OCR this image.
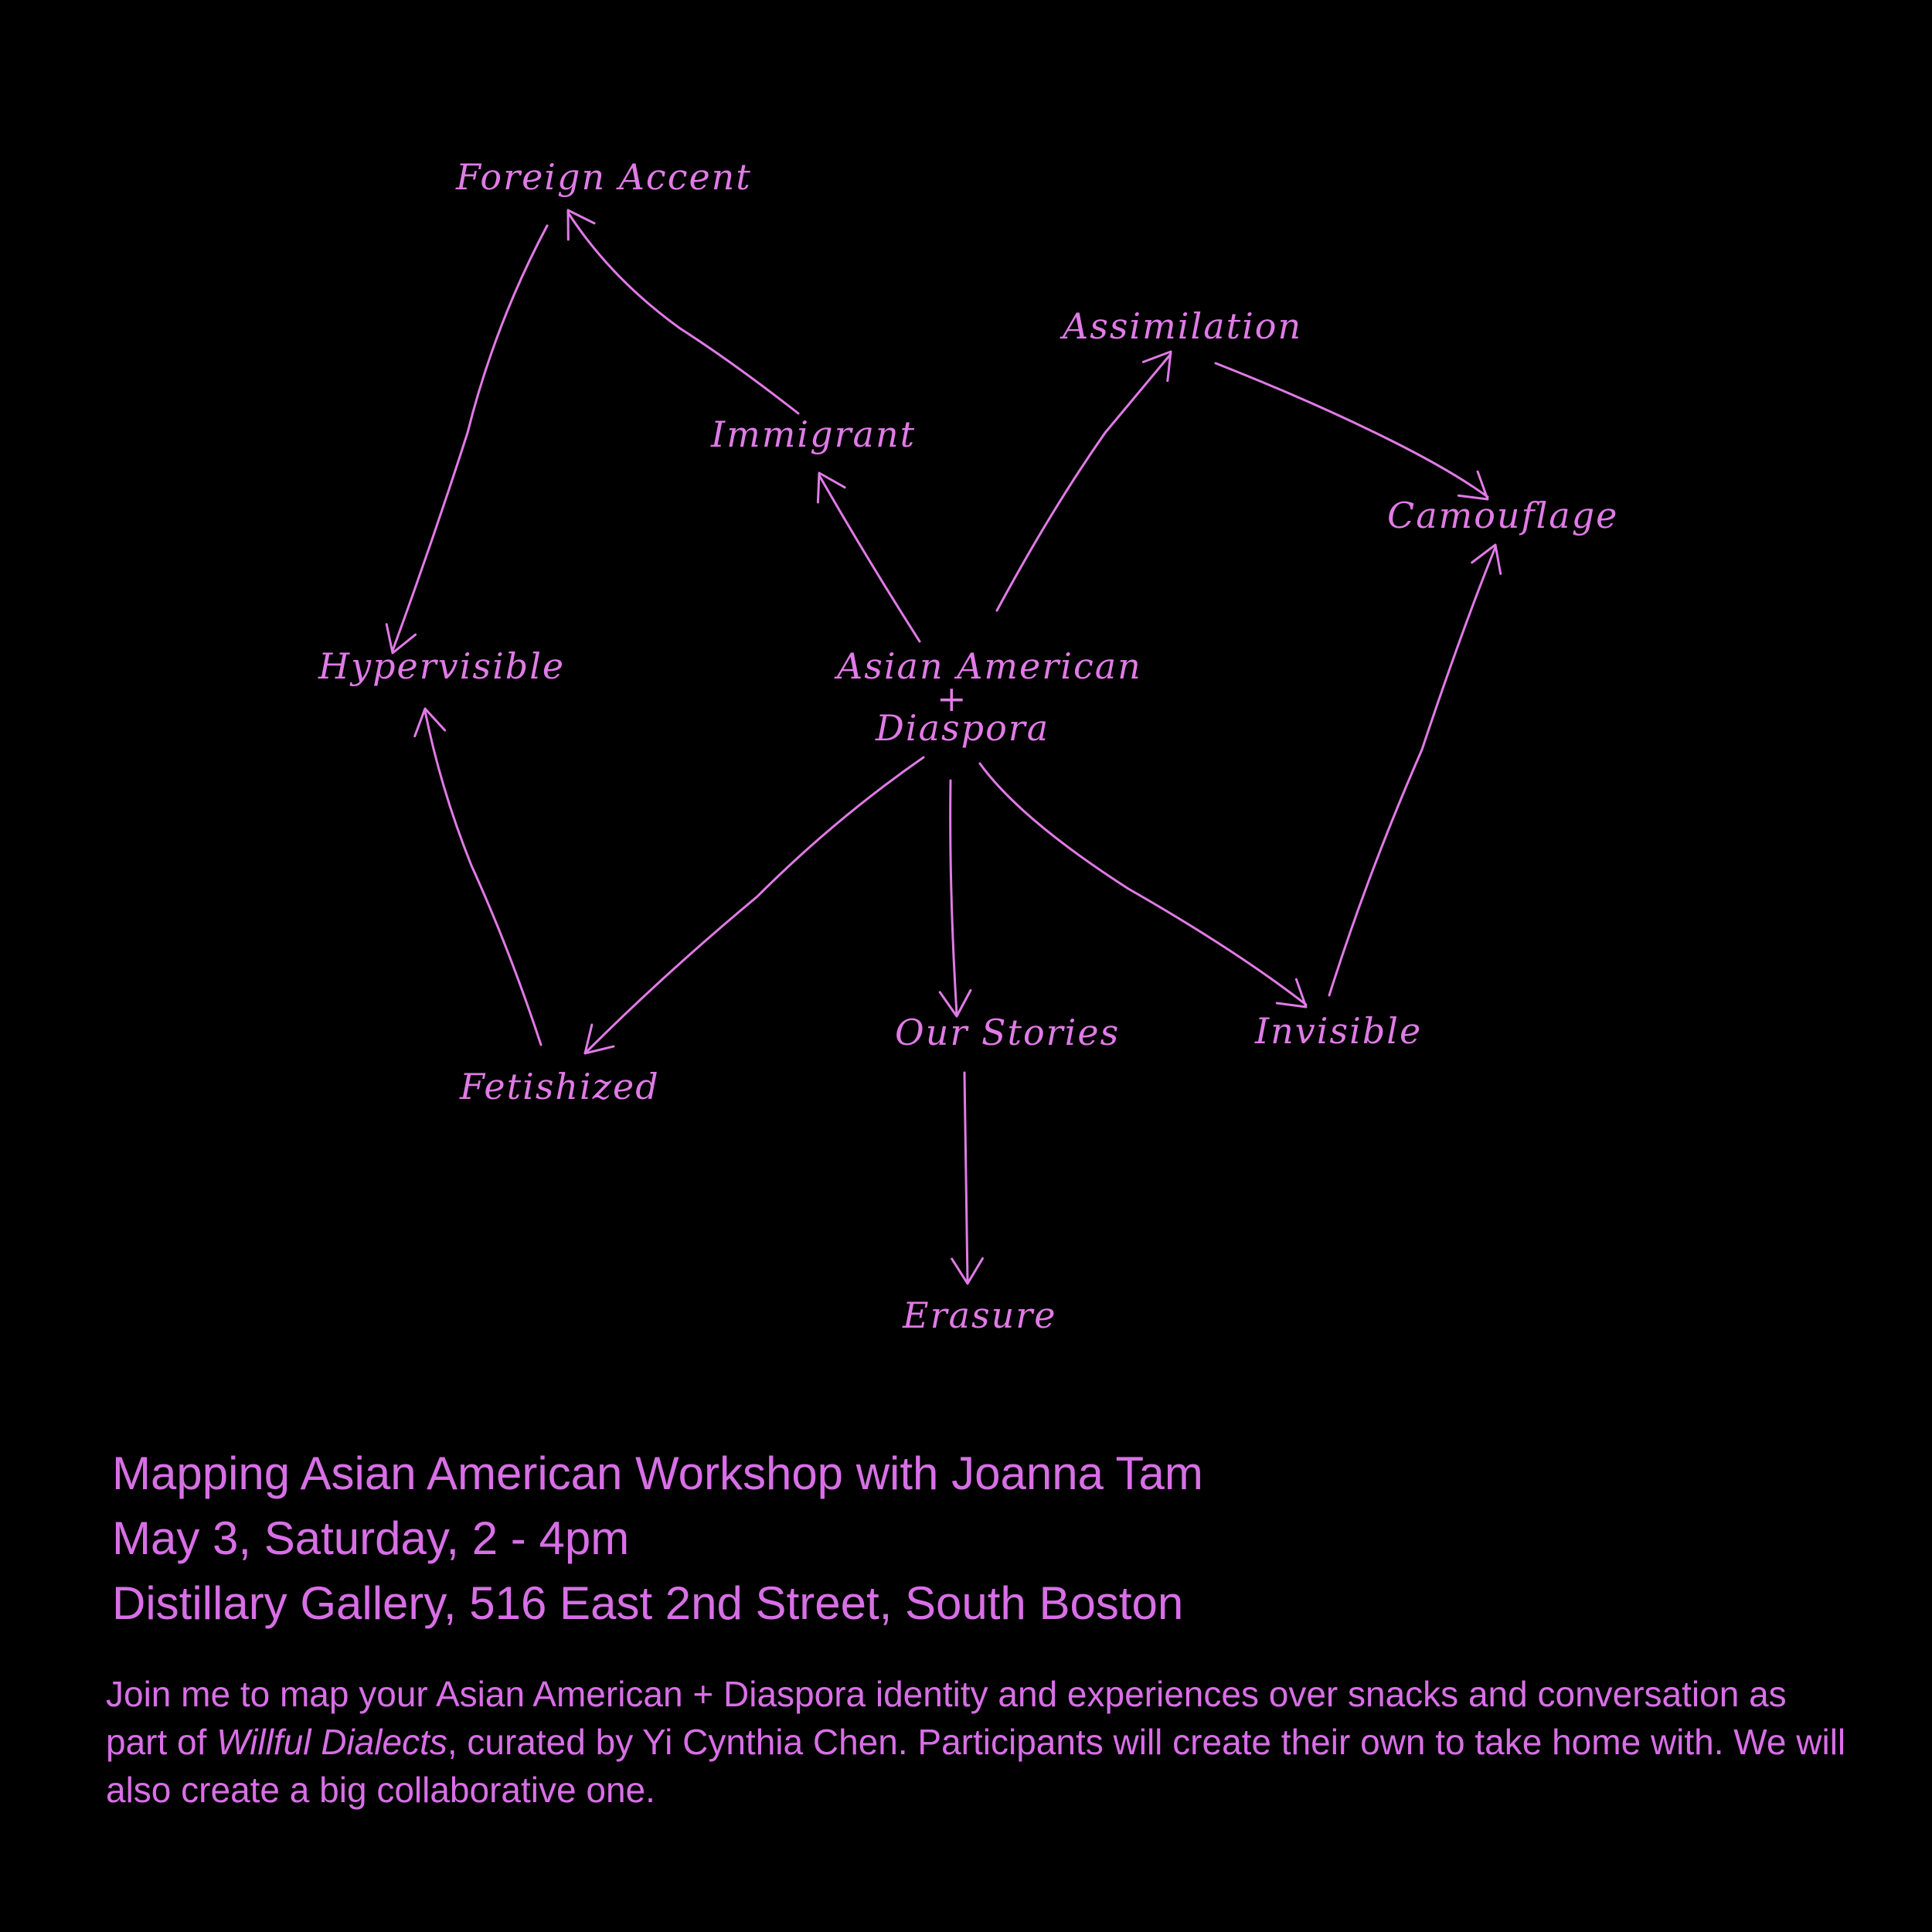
Foreign Accent
Assimilation
Immigrant
Camouflage
Hypervisible	Asian American
+
Diaspora
Fetishized
Our Stories	Invisible
Erasure

Mapping Asian American Workshop with Joanna Tam

May 3, Saturday, 2 - 4pm

Distillary Gallery, 516 East 2nd Street, South Boston

Join me to map your Asian American + Diaspora identity and experiences over snacks and conversation as part of Willful Dialects, curated by Yi Cynthia Chen. Participants will create their own to take home with. We will also create a big collaborative one.
